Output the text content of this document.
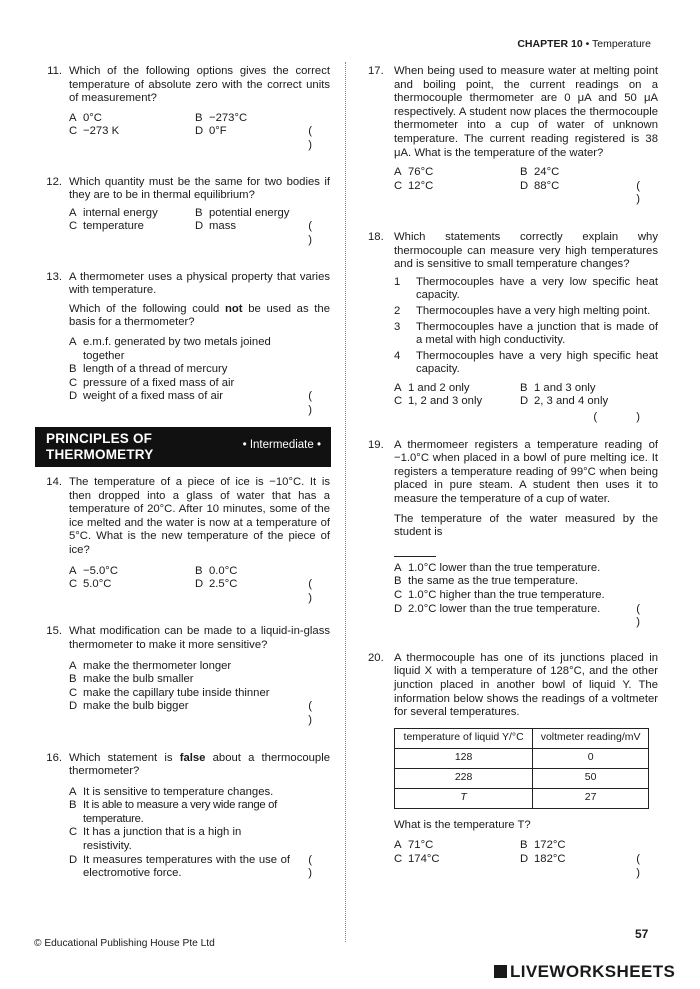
CHAPTER 10 • Temperature
11. Which of the following options gives the correct temperature of absolute zero with the correct units of measurement?
A 0°C	B −273°C
C −273 K	D 0°F	( )
12. Which quantity must be the same for two bodies if they are to be in thermal equilibrium?
A internal energy	B potential energy
C temperature	D mass	( )
13. A thermometer uses a physical property that varies with temperature.
Which of the following could not be used as the basis for a thermometer?
A e.m.f. generated by two metals joined together
B length of a thread of mercury
C pressure of a fixed mass of air
D weight of a fixed mass of air	( )
PRINCIPLES OF
THERMOMETRY
• Intermediate •
14. The temperature of a piece of ice is −10°C. It is then dropped into a glass of water that has a temperature of 20°C. After 10 minutes, some of the ice melted and the water is now at a temperature of 5°C. What is the new temperature of the piece of ice?
A −5.0°C	B 0.0°C
C 5.0°C	D 2.5°C	( )
15. What modification can be made to a liquid-in-glass thermometer to make it more sensitive?
A make the thermometer longer
B make the bulb smaller
C make the capillary tube inside thinner
D make the bulb bigger	( )
16. Which statement is false about a thermocouple thermometer?
A It is sensitive to temperature changes.
B It is able to measure a very wide range of temperature.
C It has a junction that is a high in resistivity.
D It measures temperatures with the use of electromotive force.
( )
17. When being used to measure water at melting point and boiling point, the current readings on a thermocouple thermometer are 0 μA and 50 μA respectively. A student now places the thermocouple thermometer into a cup of water of unknown temperature. The current reading registered is 38 μA. What is the temperature of the water?
A 76°C	B 24°C
C 12°C	D 88°C	( )
18. Which statements correctly explain why thermocouple can measure very high temperatures and is sensitive to small temperature changes?
1	Thermocouples have a very low specific heat capacity.
2	Thermocouples have a very high melting point.
3	Thermocouples have a junction that is made of a metal with high conductivity.
4	Thermocouples have a very high specific heat capacity.
A 1 and 2 only	B 1 and 3 only
C 1, 2 and 3 only	D 2, 3 and 4 only
( )
19. A thermomeer registers a temperature reading of −1.0°C when placed in a bowl of pure melting ice. It registers a temperature reading of 99°C when being placed in pure steam. A student then uses it to measure the temperature of a cup of water.
The temperature of the water measured by the student is
A 1.0°C lower than the true temperature.
B the same as the true temperature.
C 1.0°C higher than the true temperature.
D 2.0°C lower than the true temperature.	( )
20. A thermocouple has one of its junctions placed in liquid X with a temperature of 128°C, and the other junction placed in another bowl of liquid Y. The information below shows the readings of a voltmeter for several temperatures.
temperature of liquid Y/°C	voltmeter reading/mV
128	0
228	50
T	27
What is the temperature T?
A 71°C	B 172°C
C 174°C	D 182°C	( )
© Educational Publishing House Pte Ltd
57
LIVEWORKSHEETS
